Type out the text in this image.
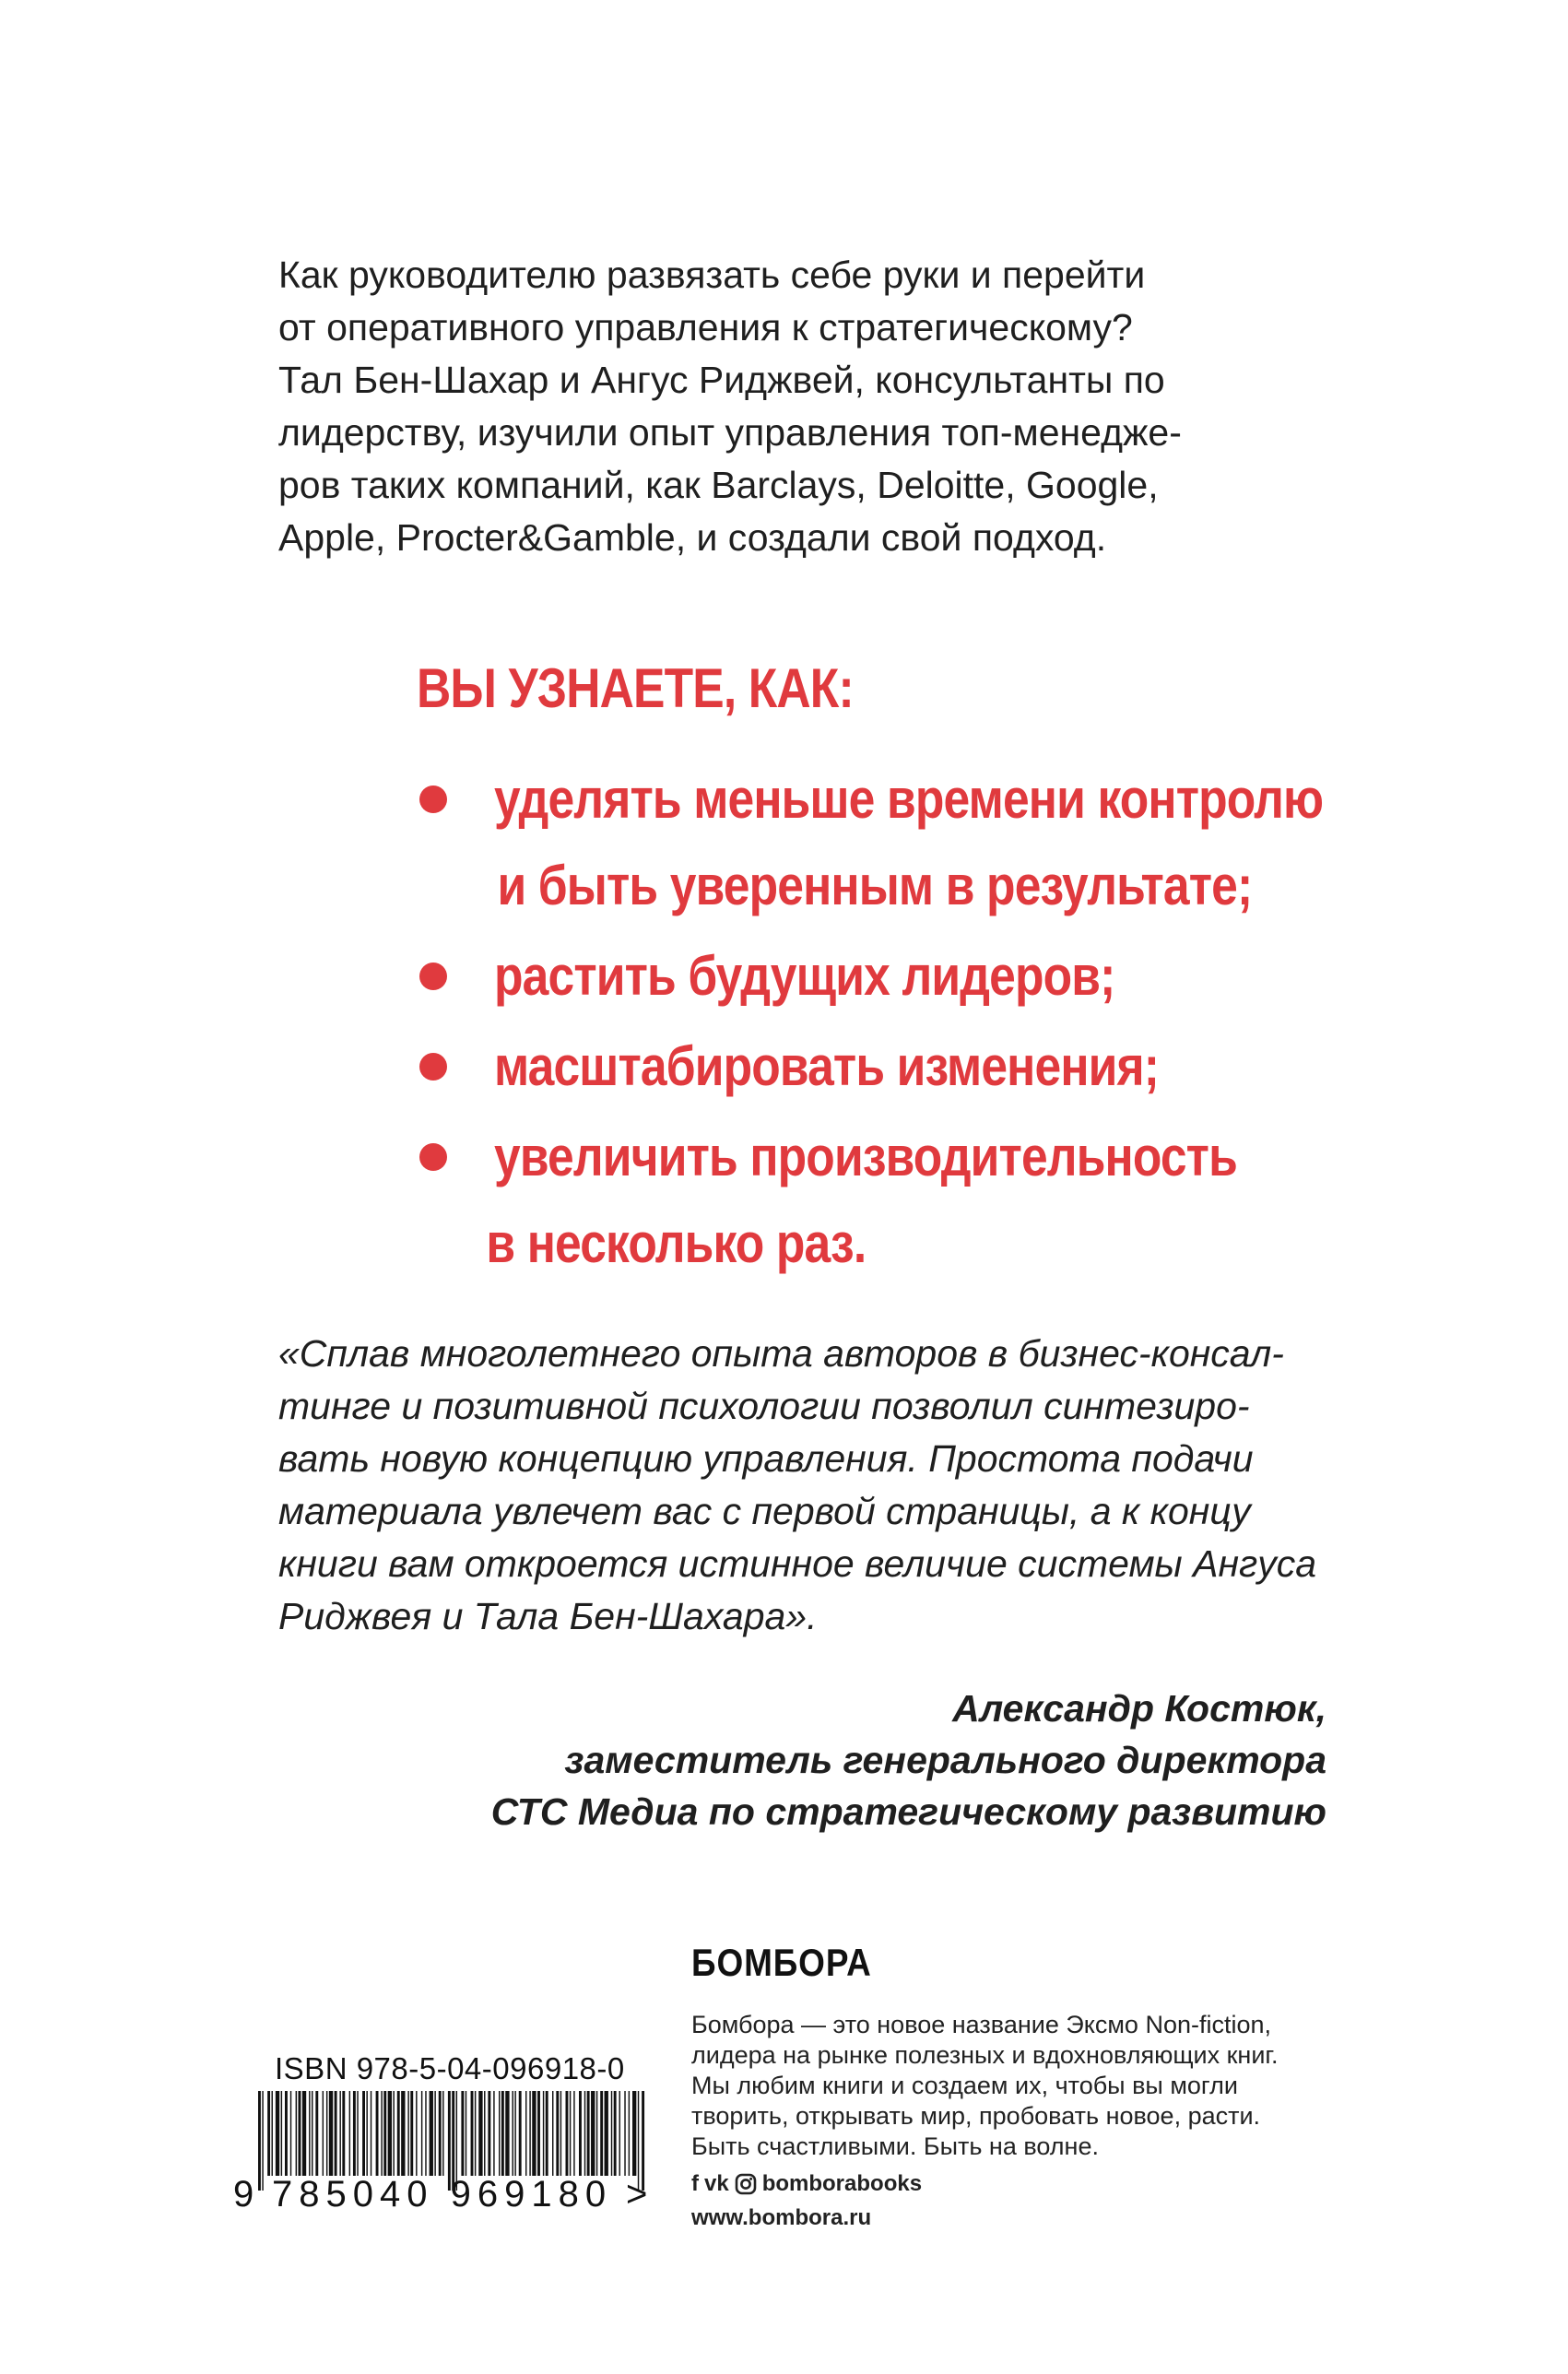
Как руководителю развязать себе руки и перейти
от оперативного управления к стратегическому?
Тал Бен-Шахар и Ангус Риджвей, консультанты по
лидерству, изучили опыт управления топ-менедже-
ров таких компаний, как Barclays, Deloitte, Google,
Apple, Procter&Gamble, и создали свой подход.
ВЫ УЗНАЕТЕ, КАК:
уделять меньше времени контролю
и быть уверенным в результате;
растить будущих лидеров;
масштабировать изменения;
увеличить производительность
в несколько раз.
«Сплав многолетнего опыта авторов в бизнес-консал-
тинге и позитивной психологии позволил синтезиро-
вать новую концепцию управления. Простота подачи
материала увлечет вас с первой страницы, а к концу
книги вам откроется истинное величие системы Ангуса
Риджвея и Тала Бен-Шахара».
Александр Костюк,
заместитель генерального директора
СТС Медиа по стратегическому развитию
ISBN 978-5-04-096918-0
9 785040 969180 >
БОМБОРА
Бомбора — это новое название Эксмо Non-fiction,
лидера на рынке полезных и вдохновляющих книг.
Мы любим книги и создаем их, чтобы вы могли
творить, открывать мир, пробовать новое, расти.
Быть счастливыми. Быть на волне.
f vk bomborabooks
www.bombora.ru
